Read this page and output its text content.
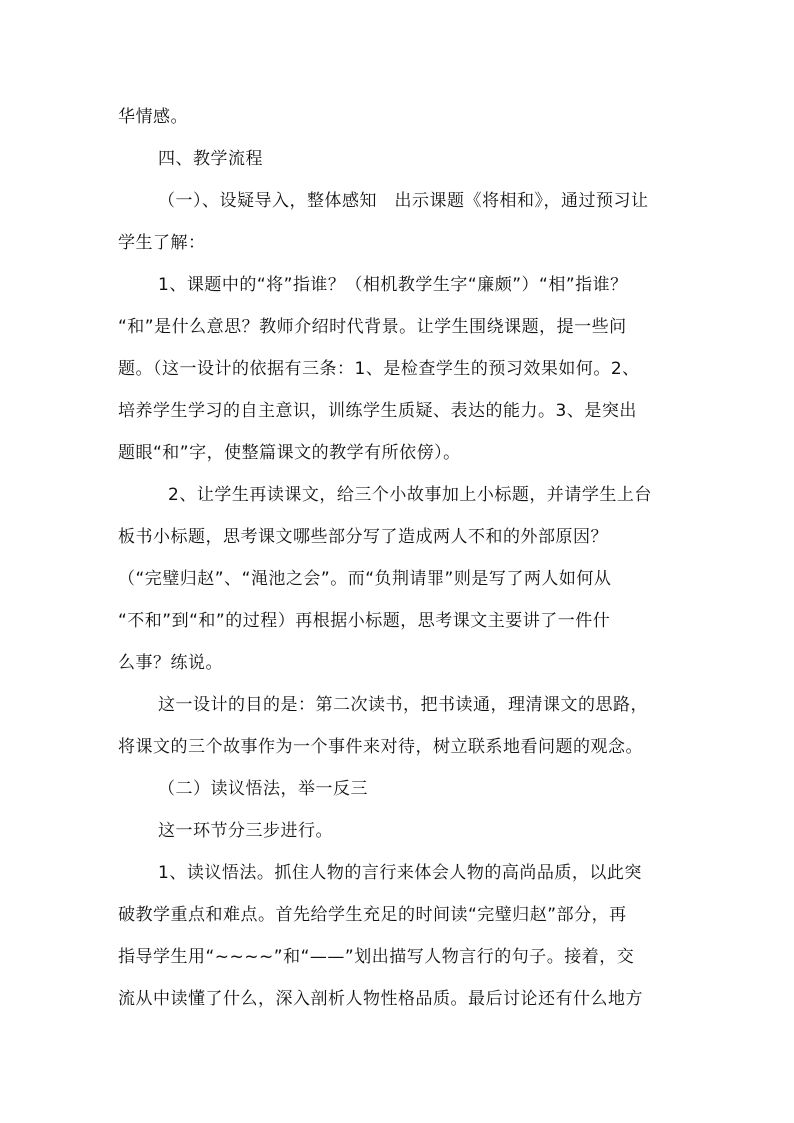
华情感。
四、教学流程
（一）、设疑导入，整体感知　出示课题《将相和》，通过预习让
学生了解：
1、课题中的“将”指谁？（相机教学生字“廉颇”）“相”指谁？
“和”是什么意思？教师介绍时代背景。让学生围绕课题，提一些问
题。（这一设计的依据有三条：1、是检查学生的预习效果如何。2、
培养学生学习的自主意识，训练学生质疑、表达的能力。3、是突出
题眼“和”字，使整篇课文的教学有所依傍）。
2、让学生再读课文，给三个小故事加上小标题，并请学生上台
板书小标题，思考课文哪些部分写了造成两人不和的外部原因？
（“完璧归赵”、“渑池之会”。而“负荆请罪”则是写了两人如何从
“不和”到“和”的过程）再根据小标题，思考课文主要讲了一件什
么事？练说。
这一设计的目的是：第二次读书，把书读通，理清课文的思路，
将课文的三个故事作为一个事件来对待，树立联系地看问题的观念。
（二）读议悟法，举一反三
这一环节分三步进行。
1、读议悟法。抓住人物的言行来体会人物的高尚品质，以此突
破教学重点和难点。首先给学生充足的时间读“完璧归赵”部分，再
指导学生用“~~~~”和“——”划出描写人物言行的句子。接着，交
流从中读懂了什么，深入剖析人物性格品质。最后讨论还有什么地方
